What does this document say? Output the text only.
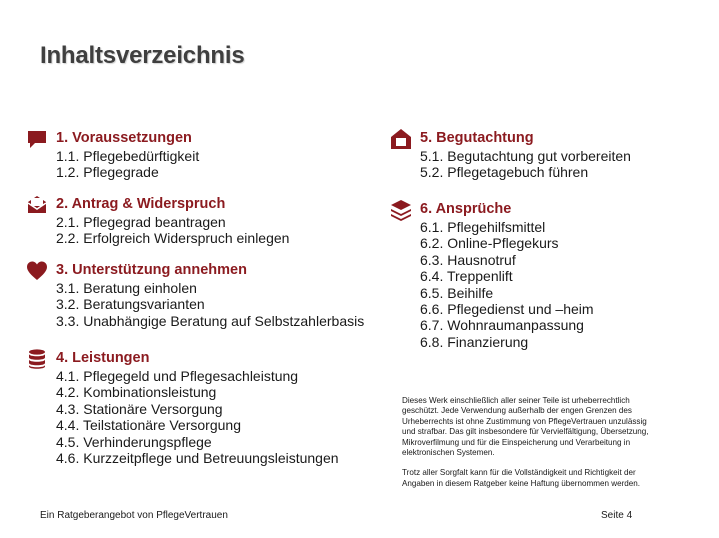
Inhaltsverzeichnis
1. Voraussetzungen
1.1. Pflegebedürftigkeit
1.2. Pflegegrade
2. Antrag & Widerspruch
2.1. Pflegegrad beantragen
2.2. Erfolgreich Widerspruch einlegen
3. Unterstützung annehmen
3.1. Beratung einholen
3.2. Beratungsvarianten
3.3. Unabhängige Beratung auf Selbstzahlerbasis
4. Leistungen
4.1. Pflegegeld und Pflegesachleistung
4.2. Kombinationsleistung
4.3. Stationäre Versorgung
4.4. Teilstationäre Versorgung
4.5. Verhinderungspflege
4.6. Kurzzeitpflege und Betreuungsleistungen
5. Begutachtung
5.1. Begutachtung gut vorbereiten
5.2. Pflegetagebuch führen
6. Ansprüche
6.1. Pflegehilfsmittel
6.2. Online-Pflegekurs
6.3. Hausnotruf
6.4. Treppenlift
6.5. Beihilfe
6.6. Pflegedienst und –heim
6.7. Wohnraumanpassung
6.8. Finanzierung

Dieses Werk einschließlich aller seiner Teile ist urheberrechtlich geschützt. Jede Verwendung außerhalb der engen Grenzen des Urheberrechts ist ohne Zustimmung von PflegeVertrauen unzulässig und strafbar. Das gilt insbesondere für Vervielfältigung, Übersetzung, Mikroverfilmung und für die Einspeicherung und Verarbeitung in elektronischen Systemen.

Trotz aller Sorgfalt kann für die Vollständigkeit und Richtigkeit der Angaben in diesem Ratgeber keine Haftung übernommen werden.

Ein Ratgeberangebot von PflegeVertrauen	Seite 4
